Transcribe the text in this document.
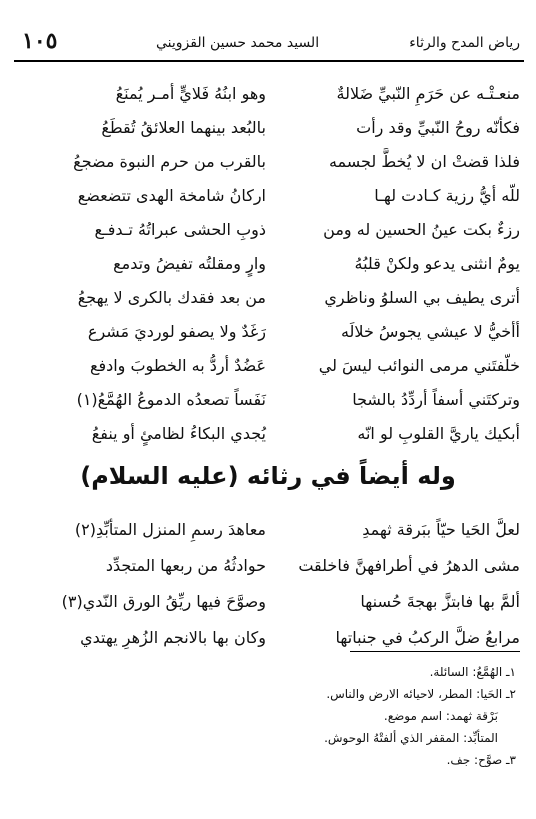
رياض المدح والرثاء
السيد محمد حسين القزويني
١٠٥
منعـتْـه عن حَرَمِ النّبيِّ ضَلالةٌ
وهو ابنُهُ فَلايٍّ أمـر يُمنَعُ
فكأنّه روحُ النّبيِّ وقد رأت
بالبُعد بينهما العلائقُ تُقطَعُ
فلذا قضتْ ان لا يُخطَّ لجسمه
بالقرب من حرم النبوة مضجعُ
للّه أيُّ رزية كـادت لهـا
اركانُ شامخة الهدى تتضعضع
رزءٌ بكت عينُ الحسين له ومن
ذوبِ الحشى عبراتُهُ تـدفـع
يومٌ انثنى يدعو ولكنْ قلبُهُ
وارٍ ومقلتُه تفيضُ وتدمع
أترى يطيف بي السلوُ وناظري
من بعد فقدك بالكرى لا يهجعُ
أأخيُّ لا عيشي يجوسُ خلالَه
رَغَدٌ ولا يصفو لورديَ مَشرع
خلّفتَني مرمى النوائب ليسَ لي
عَضُدٌ أردُّ به الخطوبَ وادفع
وتركتَني أسفاً أردِّدُ بالشجا
نَفَساً تصعدُه الدموعُ الهُمَّعُ(١)
أبكيك ياريَّ القلوبِ لو انّه
يُجدي البكاءُ لظامئٍ أو ينفعُ
وله أيضاً في رثائه (عليه السلام)
لعلَّ الحَيا حيّاً ببَرقة ثهمدِ
معاهدَ رسمِ المنزل المتأبِّدِ(٢)
مشى الدهرُ في أطرافهنَّ فاخلقت
حوادثُهُ من ربعها المتجدِّد
ألمَّ بها فابتزَّ بهجةَ حُسنها
وصوَّحَ فيها ريِّقُ الورق النّدي(٣)
مرابعُ ضلَّ الركبُ في جنباتها
وكان بها بالانجم الزُهرِ يهتدي
١ـ الهُمَّعُ: السائلة.
٢ـ الحَيا: المطر، لاحيائه الارض والناس.
بَرْقة ثهمد: اسم موضع.
المتأبِّد: المقفر الذي ألفتْهُ الوحوش.
٣ـ صوَّح: جف.
